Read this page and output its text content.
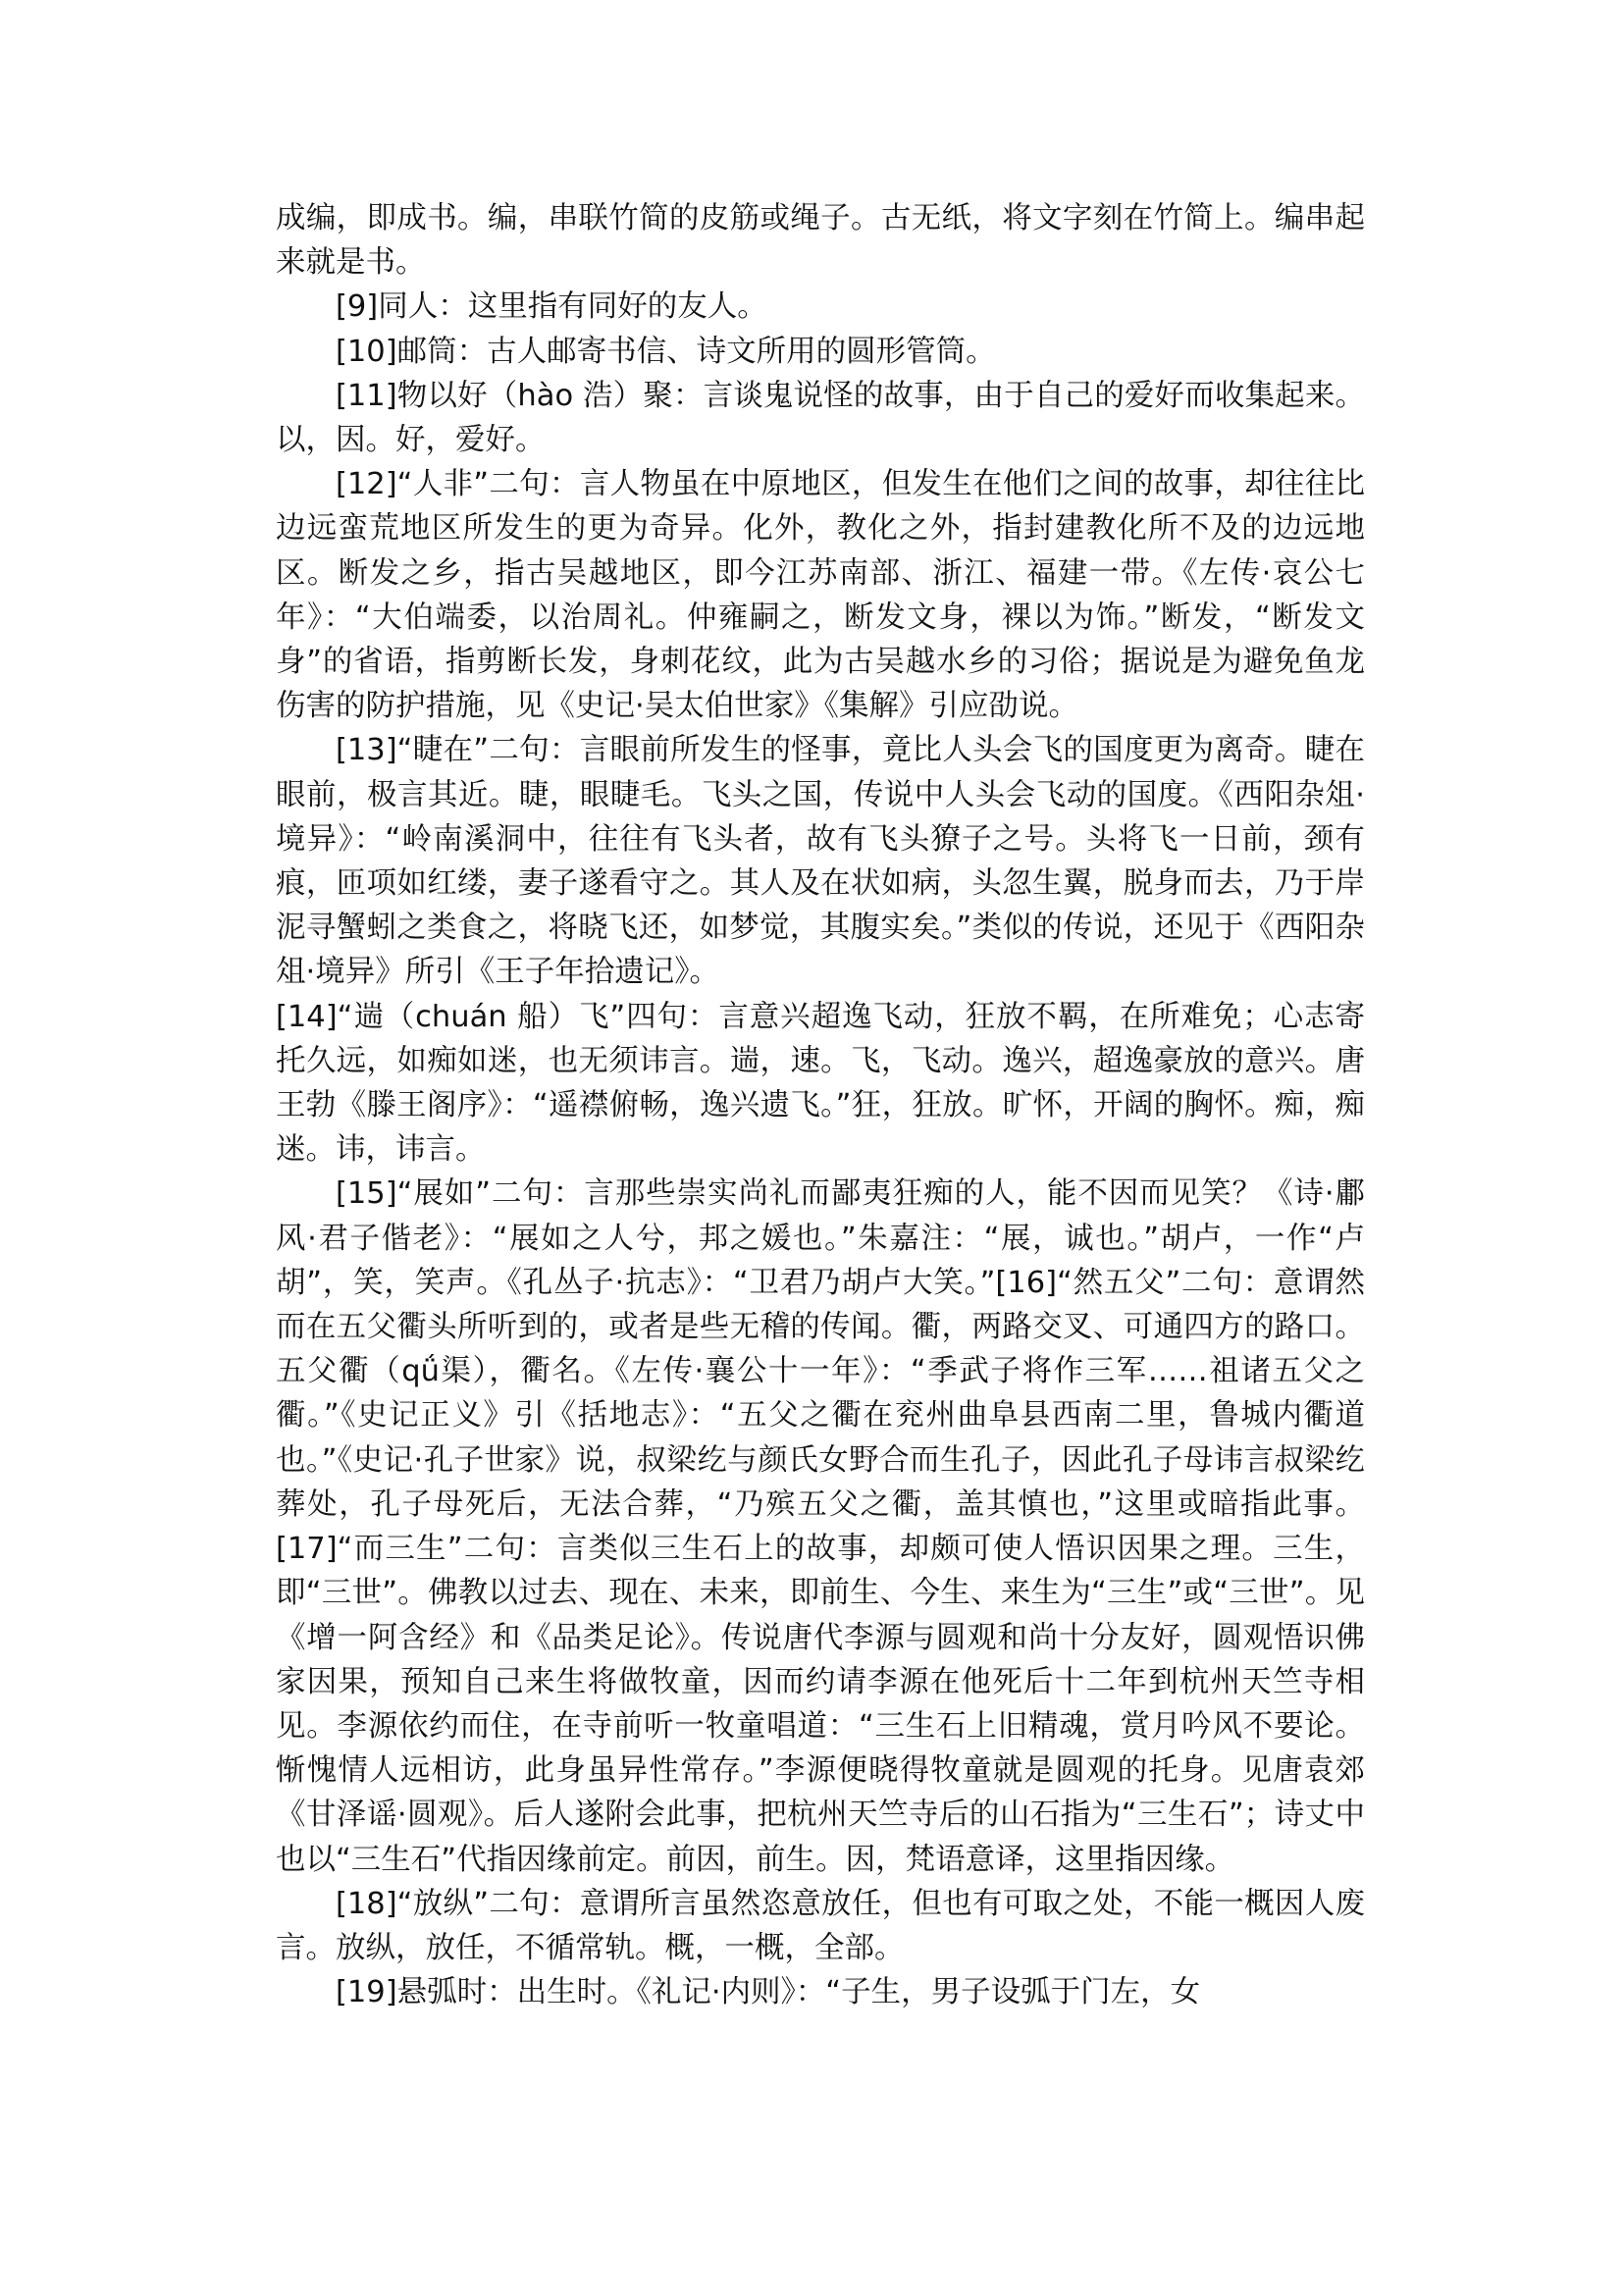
成编，即成书。编，串联竹简的皮筋或绳子。古无纸，将文字刻在竹简上。编串起来就是书。

[9]同人：这里指有同好的友人。

[10]邮筒：古人邮寄书信、诗文所用的圆形管筒。

[11]物以好（hào 浩）聚：言谈鬼说怪的故事，由于自己的爱好而收集起来。以，因。好，爱好。

[12]“人非”二句：言人物虽在中原地区，但发生在他们之间的故事，却往往比边远蛮荒地区所发生的更为奇异。化外，教化之外，指封建教化所不及的边远地区。断发之乡，指古吴越地区，即今江苏南部、浙江、福建一带。《左传·哀公七年》：“大伯端委，以治周礼。仲雍嗣之，断发文身，裸以为饰。”断发，“断发文身”的省语，指剪断长发，身刺花纹，此为古吴越水乡的习俗；据说是为避免鱼龙伤害的防护措施，见《史记·吴太伯世家》《集解》引应劭说。

[13]“睫在”二句：言眼前所发生的怪事，竟比人头会飞的国度更为离奇。睫在眼前，极言其近。睫，眼睫毛。飞头之国，传说中人头会飞动的国度。《西阳杂俎·境异》：“岭南溪洞中，往往有飞头者，故有飞头獠子之号。头将飞一日前，颈有痕，匝项如红缕，妻子遂看守之。其人及在状如病，头忽生翼，脱身而去，乃于岸泥寻蟹蚓之类食之，将晓飞还，如梦觉，其腹实矣。”类似的传说，还见于《西阳杂俎·境异》所引《王子年拾遗记》。

[14]“遄（chuán 船）飞”四句：言意兴超逸飞动，狂放不羁，在所难免；心志寄托久远，如痴如迷，也无须讳言。遄，速。飞，飞动。逸兴，超逸豪放的意兴。唐王勃《滕王阁序》：“遥襟俯畅，逸兴遗飞。”狂，狂放。旷怀，开阔的胸怀。痴，痴迷。讳，讳言。

[15]“展如”二句：言那些崇实尚礼而鄙夷狂痴的人，能不因而见笑？《诗·鄘风·君子偕老》：“展如之人兮，邦之媛也。”朱嘉注：“展，诚也。”胡卢，一作“卢胡”，笑，笑声。《孔丛子·抗志》：“卫君乃胡卢大笑。”[16]“然五父”二句：意谓然而在五父衢头所听到的，或者是些无稽的传闻。衢，两路交叉、可通四方的路口。五父衢（qǘ渠），衢名。《左传·襄公十一年》：“季武子将作三军……祖诸五父之衢。”《史记正义》引《括地志》：“五父之衢在兖州曲阜县西南二里，鲁城内衢道也。”《史记·孔子世家》说，叔梁纥与颜氏女野合而生孔子，因此孔子母讳言叔梁纥葬处，孔子母死后，无法合葬，“乃殡五父之衢，盖其慎也，”这里或暗指此事。[17]“而三生”二句：言类似三生石上的故事，却颇可使人悟识因果之理。三生，即“三世”。佛教以过去、现在、未来，即前生、今生、来生为“三生”或“三世”。见《增一阿含经》和《品类足论》。传说唐代李源与圆观和尚十分友好，圆观悟识佛家因果，预知自己来生将做牧童，因而约请李源在他死后十二年到杭州天竺寺相见。李源依约而住，在寺前听一牧童唱道：“三生石上旧精魂，赏月吟风不要论。惭愧情人远相访，此身虽异性常存。”李源便晓得牧童就是圆观的托身。见唐袁郊《甘泽谣·圆观》。后人遂附会此事，把杭州天竺寺后的山石指为“三生石”；诗丈中也以“三生石”代指因缘前定。前因，前生。因，梵语意译，这里指因缘。

[18]“放纵”二句：意谓所言虽然恣意放任，但也有可取之处，不能一概因人废言。放纵，放任，不循常轨。概，一概，全部。

[19]悬弧时：出生时。《礼记·内则》：“子生，男子设弧于门左，女
